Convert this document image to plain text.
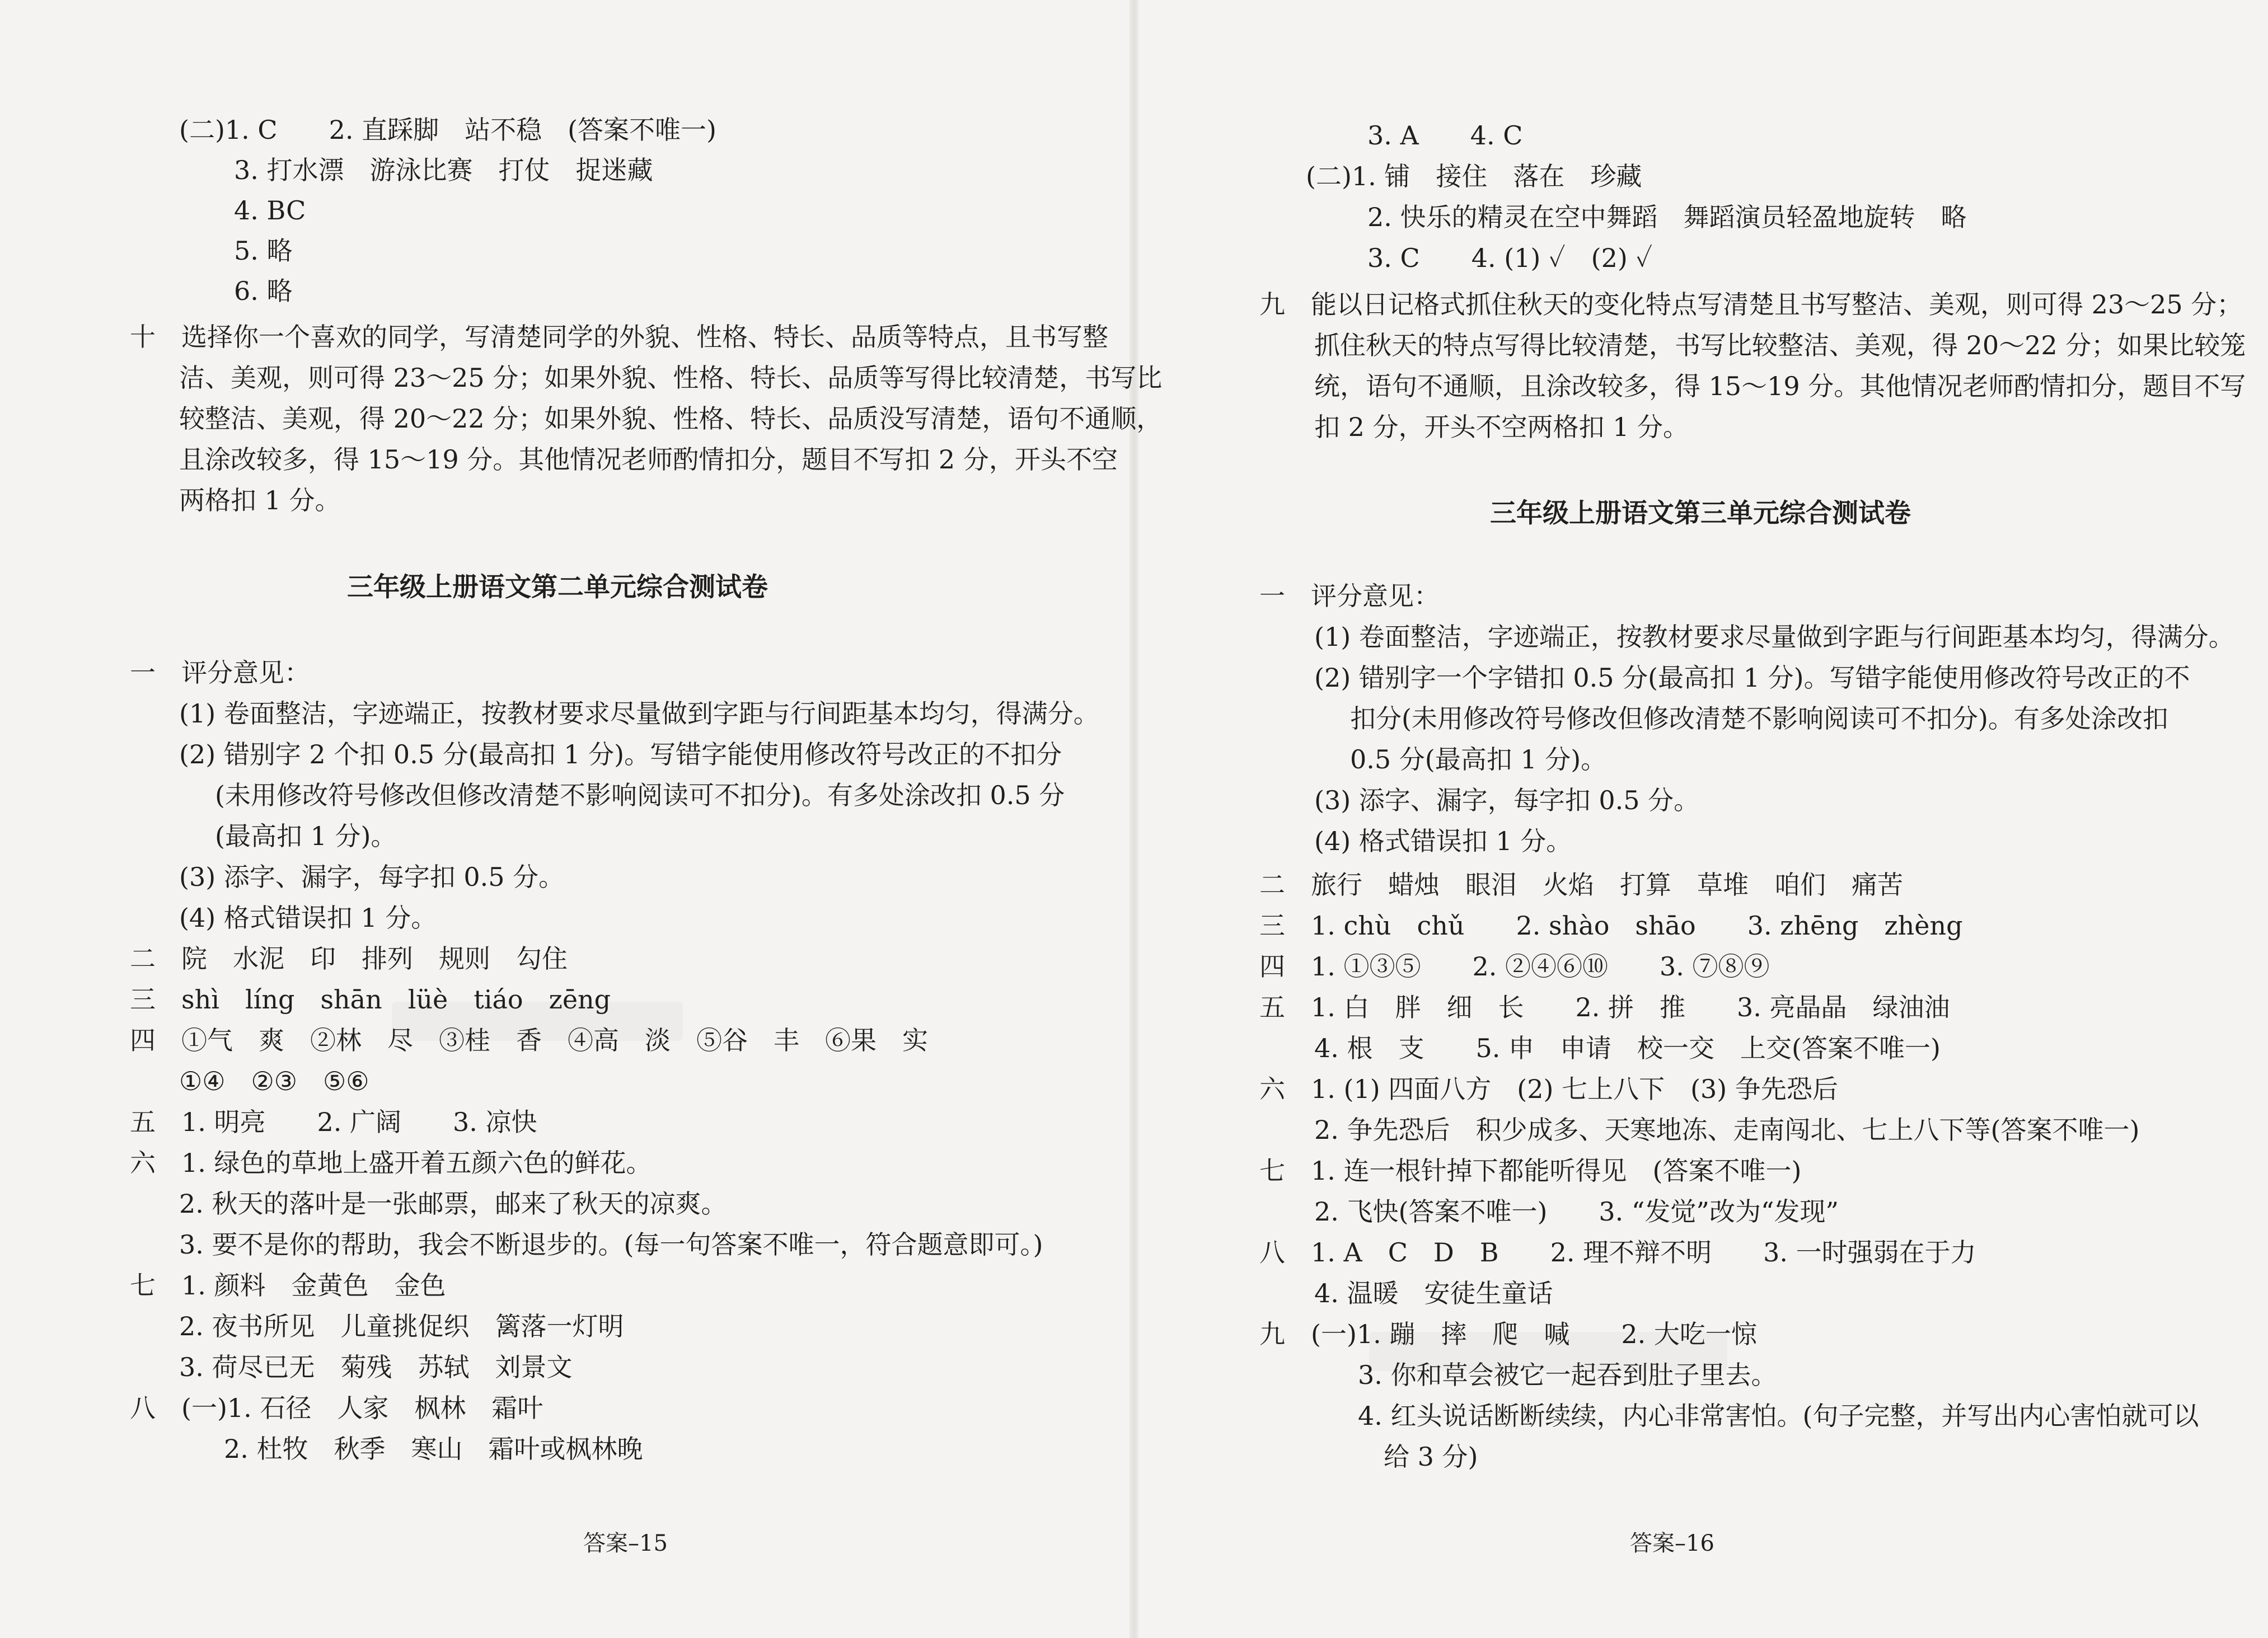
(二)1. C　　2. 直踩脚　站不稳　(答案不唯一)
3. 打水漂　游泳比赛　打仗　捉迷藏
4. BC
5. 略
6. 略
十　选择你一个喜欢的同学，写清楚同学的外貌、性格、特长、品质等特点，且书写整
洁、美观，则可得 23～25 分；如果外貌、性格、特长、品质等写得比较清楚，书写比
较整洁、美观，得 20～22 分；如果外貌、性格、特长、品质没写清楚，语句不通顺，
且涂改较多，得 15～19 分。其他情况老师酌情扣分，题目不写扣 2 分，开头不空
两格扣 1 分。
三年级上册语文第二单元综合测试卷
一　评分意见：
(1) 卷面整洁，字迹端正，按教材要求尽量做到字距与行间距基本均匀，得满分。
(2) 错别字 2 个扣 0.5 分(最高扣 1 分)。写错字能使用修改符号改正的不扣分
(未用修改符号修改但修改清楚不影响阅读可不扣分)。有多处涂改扣 0.5 分
(最高扣 1 分)。
(3) 添字、漏字，每字扣 0.5 分。
(4) 格式错误扣 1 分。
二　院　水泥　印　排列　规则　勾住
三　shì　líng　shān　lüè　tiáo　zēng
四　①气　爽　②林　尽　③桂　香　④高　淡　⑤谷　丰　⑥果　实
①④　②③　⑤⑥
五　1. 明亮　　2. 广阔　　3. 凉快
六　1. 绿色的草地上盛开着五颜六色的鲜花。
2. 秋天的落叶是一张邮票，邮来了秋天的凉爽。
3. 要不是你的帮助，我会不断退步的。(每一句答案不唯一，符合题意即可。)
七　1. 颜料　金黄色　金色
2. 夜书所见　儿童挑促织　篱落一灯明
3. 荷尽已无　菊残　苏轼　刘景文
八　(一)1. 石径　人家　枫林　霜叶
2. 杜牧　秋季　寒山　霜叶或枫林晚
答案–15
3. A　　4. C
(二)1. 铺　接住　落在　珍藏
2. 快乐的精灵在空中舞蹈　舞蹈演员轻盈地旋转　略
3. C　　4. (1) ✓　(2) ✓
九　能以日记格式抓住秋天的变化特点写清楚且书写整洁、美观，则可得 23～25 分；
抓住秋天的特点写得比较清楚，书写比较整洁、美观，得 20～22 分；如果比较笼
统，语句不通顺，且涂改较多，得 15～19 分。其他情况老师酌情扣分，题目不写
扣 2 分，开头不空两格扣 1 分。
三年级上册语文第三单元综合测试卷
一　评分意见：
(1) 卷面整洁，字迹端正，按教材要求尽量做到字距与行间距基本均匀，得满分。
(2) 错别字一个字错扣 0.5 分(最高扣 1 分)。写错字能使用修改符号改正的不
扣分(未用修改符号修改但修改清楚不影响阅读可不扣分)。有多处涂改扣
0.5 分(最高扣 1 分)。
(3) 添字、漏字，每字扣 0.5 分。
(4) 格式错误扣 1 分。
二　旅行　蜡烛　眼泪　火焰　打算　草堆　咱们　痛苦
三　1. chù　chǔ　　2. shào　shāo　　3. zhēng　zhèng
四　1. ①③⑤　　2. ②④⑥⑩　　3. ⑦⑧⑨
五　1. 白　胖　细　长　　2. 拼　推　　3. 亮晶晶　绿油油
4. 根　支　　5. 申　申请　校一交　上交(答案不唯一)
六　1. (1) 四面八方　(2) 七上八下　(3) 争先恐后
2. 争先恐后　积少成多、天寒地冻、走南闯北、七上八下等(答案不唯一)
七　1. 连一根针掉下都能听得见　(答案不唯一)
2. 飞快(答案不唯一)　　3. “发觉”改为“发现”
八　1. A　C　D　B　　2. 理不辩不明　　3. 一时强弱在于力
4. 温暖　安徒生童话
九　(一)1. 蹦　摔　爬　喊　　2. 大吃一惊
3. 你和草会被它一起吞到肚子里去。
4. 红头说话断断续续，内心非常害怕。(句子完整，并写出内心害怕就可以
给 3 分)
答案–16
